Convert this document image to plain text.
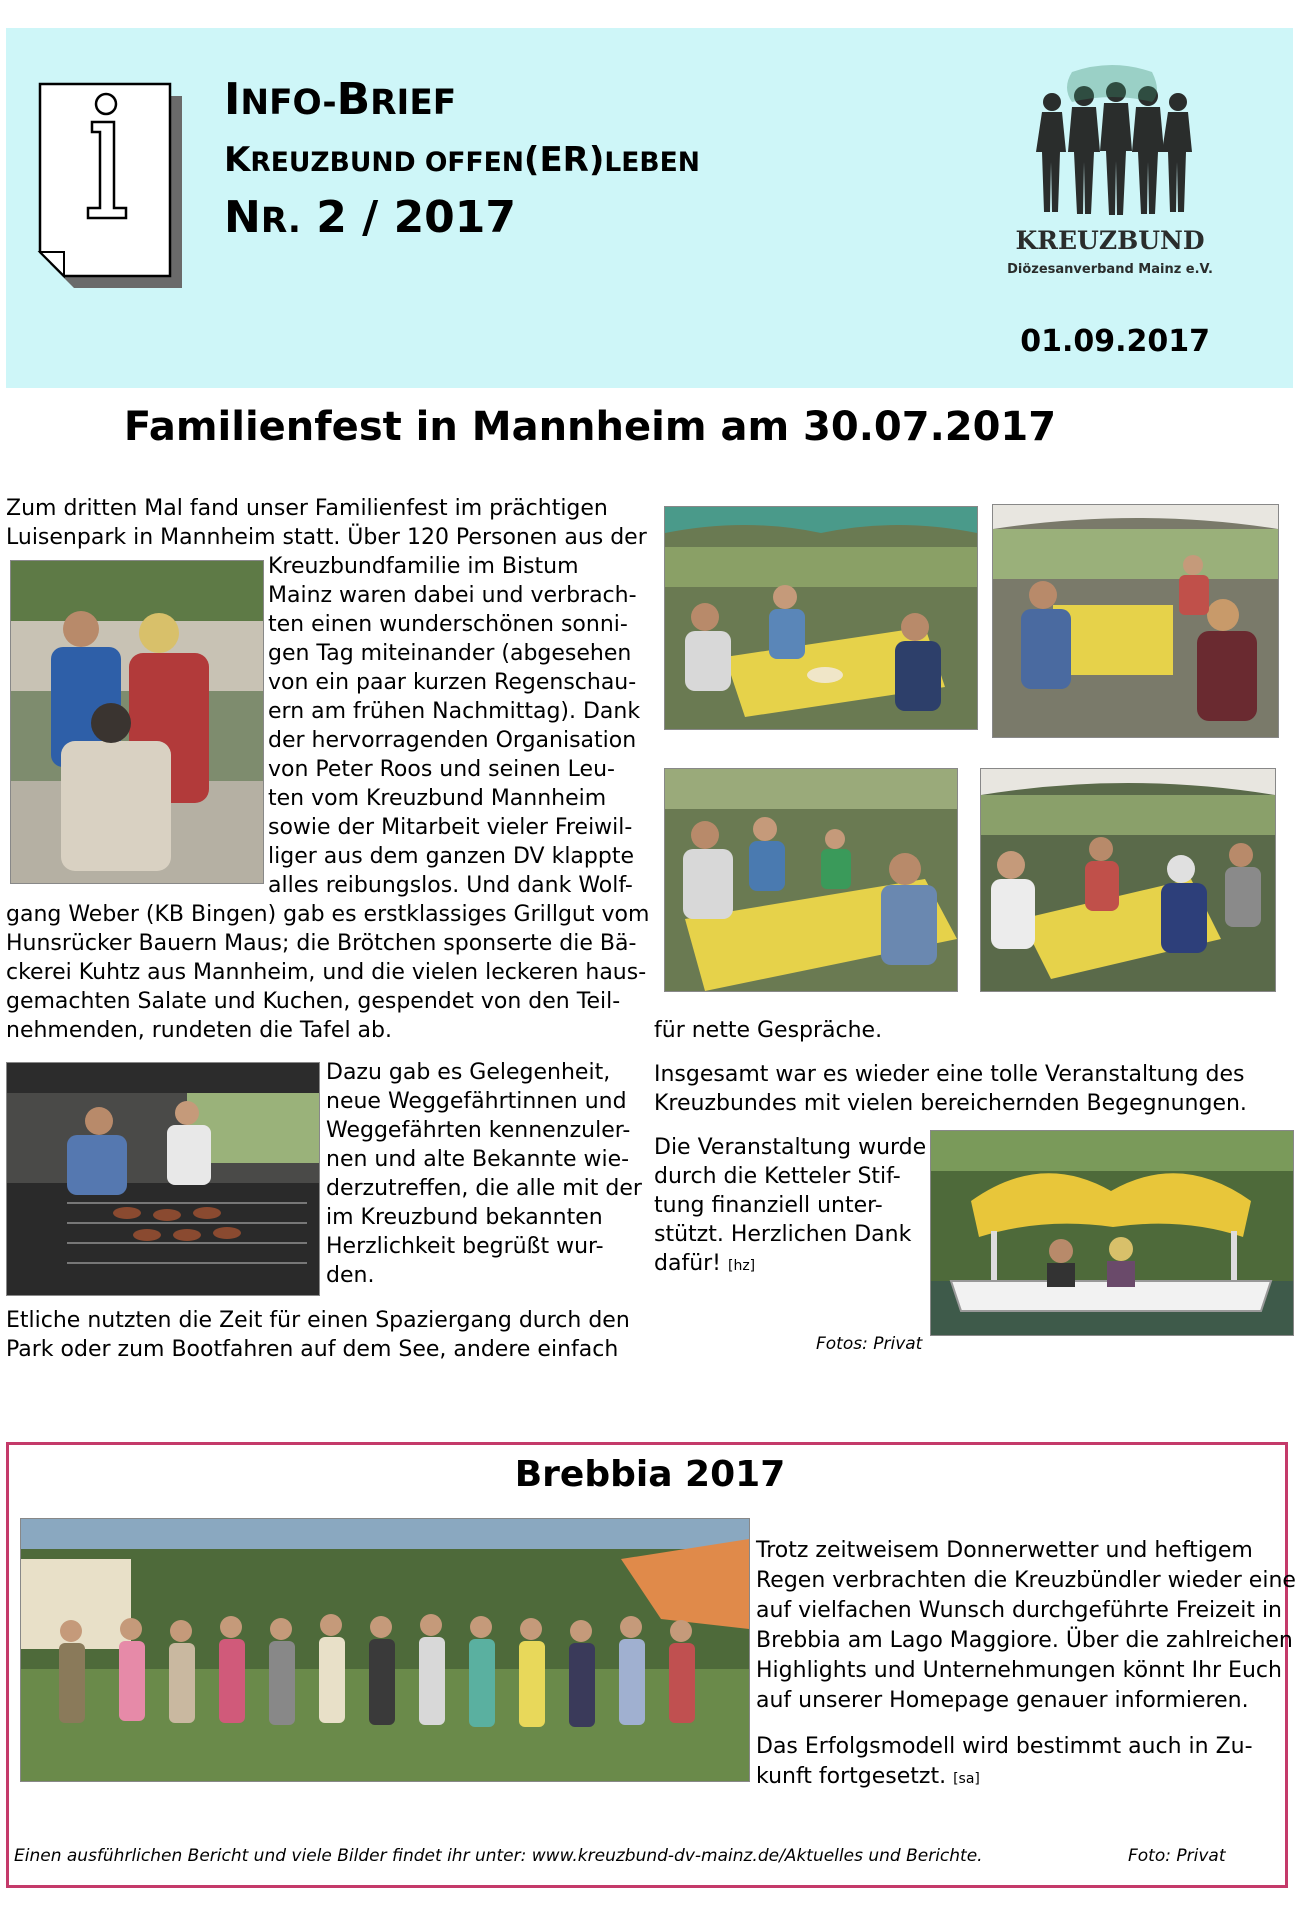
INFO-BRIEF
KREUZBUND OFFEN(ER)LEBEN
NR. 2 / 2017	KREUZBUND
Diözesanverband Mainz e.V.
01.09.2017
Familienfest in Mannheim am 30.07.2017

Zum dritten Mal fand unser Familienfest im prächtigen

Luisenpark in Mannheim statt. Über 120 Personen aus der

Kreuzbundfamilie im Bistum

Mainz waren dabei und verbrach-

ten einen wunderschönen sonni-

gen Tag miteinander (abgesehen

von ein paar kurzen Regenschau-

ern am frühen Nachmittag). Dank

der hervorragenden Organisation

von Peter Roos und seinen Leu-

ten vom Kreuzbund Mannheim

sowie der Mitarbeit vieler Freiwil-

liger aus dem ganzen DV klappte

alles reibungslos. Und dank Wolf-

gang Weber (KB Bingen) gab es erstklassiges Grillgut vom

Hunsrücker Bauern Maus; die Brötchen sponserte die Bä-

ckerei Kuhtz aus Mannheim, und die vielen leckeren haus-

gemachten Salate und Kuchen, gespendet von den Teil-

nehmenden, rundeten die Tafel ab.

Dazu gab es Gelegenheit,

neue Weggefährtinnen und

Weggefährten kennenzuler-

nen und alte Bekannte wie-

derzutreffen, die alle mit der

im Kreuzbund bekannten

Herzlichkeit begrüßt wur-

den.

Etliche nutzten die Zeit für einen Spaziergang durch den

Park oder zum Bootfahren auf dem See, andere einfach

für nette Gespräche.

Insgesamt war es wieder eine tolle Veranstaltung des

Kreuzbundes mit vielen bereichernden Begegnungen.

Die Veranstaltung wurde

durch die Ketteler Stif-

tung finanziell unter-

stützt. Herzlichen Dank

dafür! [hz]

Fotos: Privat
Brebbia 2017

Trotz zeitweisem Donnerwetter und heftigem

Regen verbrachten die Kreuzbündler wieder eine

auf vielfachen Wunsch durchgeführte Freizeit in

Brebbia am Lago Maggiore. Über die zahlreichen

Highlights und Unternehmungen könnt Ihr Euch

auf unserer Homepage genauer informieren.

Das Erfolgsmodell wird bestimmt auch in Zu-

kunft fortgesetzt. [sa]

Einen ausführlichen Bericht und viele Bilder findet ihr unter: www.kreuzbund-dv-mainz.de/Aktuelles und Berichte.	Foto: Privat
